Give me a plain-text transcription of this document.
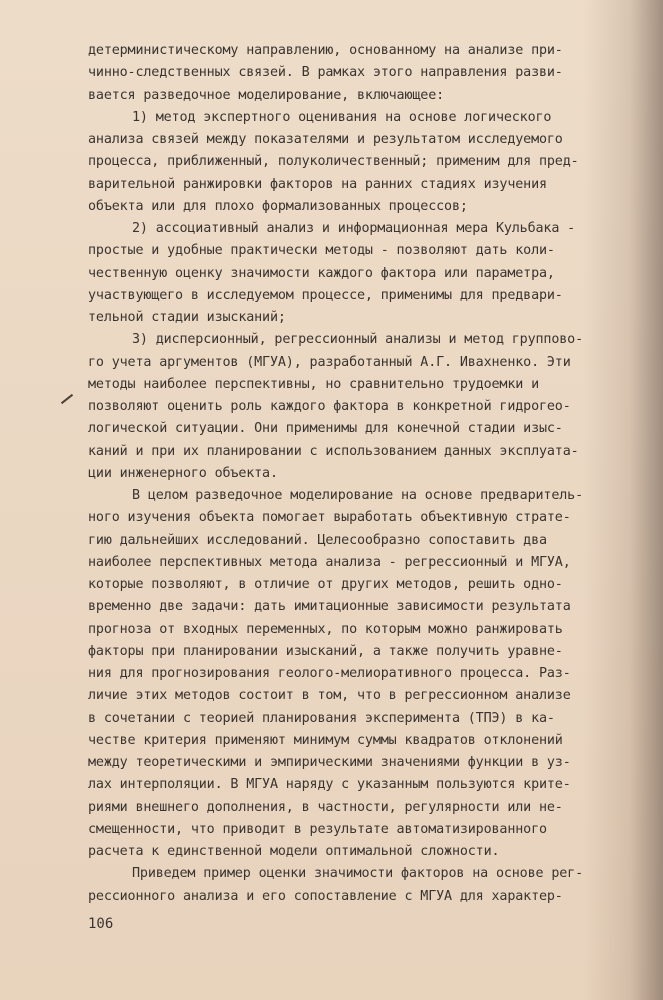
детерминистическому направлению, основанному на анализе при-
чинно-следственных связей. В рамках этого направления разви-
вается разведочное моделирование, включающее:
1) метод экспертного оценивания на основе логического
анализа связей между показателями и результатом исследуемого
процесса, приближенный, полуколичественный; применим для пред-
варительной ранжировки факторов на ранних стадиях изучения
объекта или для плохо формализованных процессов;
2) ассоциативный анализ и информационная мера Кульбака -
простые и удобные практически методы - позволяют дать коли-
чественную оценку значимости каждого фактора или параметра,
участвующего в исследуемом процессе, применимы для предвари-
тельной стадии изысканий;
3) дисперсионный, регрессионный анализы и метод группово-
го учета аргументов (МГУА), разработанный А.Г. Ивахненко. Эти
методы наиболее перспективны, но сравнительно трудоемки и
позволяют оценить роль каждого фактора в конкретной гидрогео-
логической ситуации. Они применимы для конечной стадии изыс-
каний и при их планировании с использованием данных эксплуата-
ции инженерного объекта.
В целом разведочное моделирование на основе предваритель-
ного изучения объекта помогает выработать объективную страте-
гию дальнейших исследований. Целесообразно сопоставить два
наиболее перспективных метода анализа - регрессионный и МГУА,
которые позволяют, в отличие от других методов, решить одно-
временно две задачи: дать имитационные зависимости результата
прогноза от входных переменных, по которым можно ранжировать
факторы при планировании изысканий, а также получить уравне-
ния для прогнозирования геолого-мелиоративного процесса. Раз-
личие этих методов состоит в том, что в регрессионном анализе
в сочетании с теорией планирования эксперимента (ТПЭ) в ка-
честве критерия применяют минимум суммы квадратов отклонений
между теоретическими и эмпирическими значениями функции в уз-
лах интерполяции. В МГУА наряду с указанным пользуются крите-
риями внешнего дополнения, в частности, регулярности или не-
смещенности, что приводит в результате автоматизированного
расчета к единственной модели оптимальной сложности.
Приведем пример оценки значимости факторов на основе рег-
рессионного анализа и его сопоставление с МГУА для характер-
106
